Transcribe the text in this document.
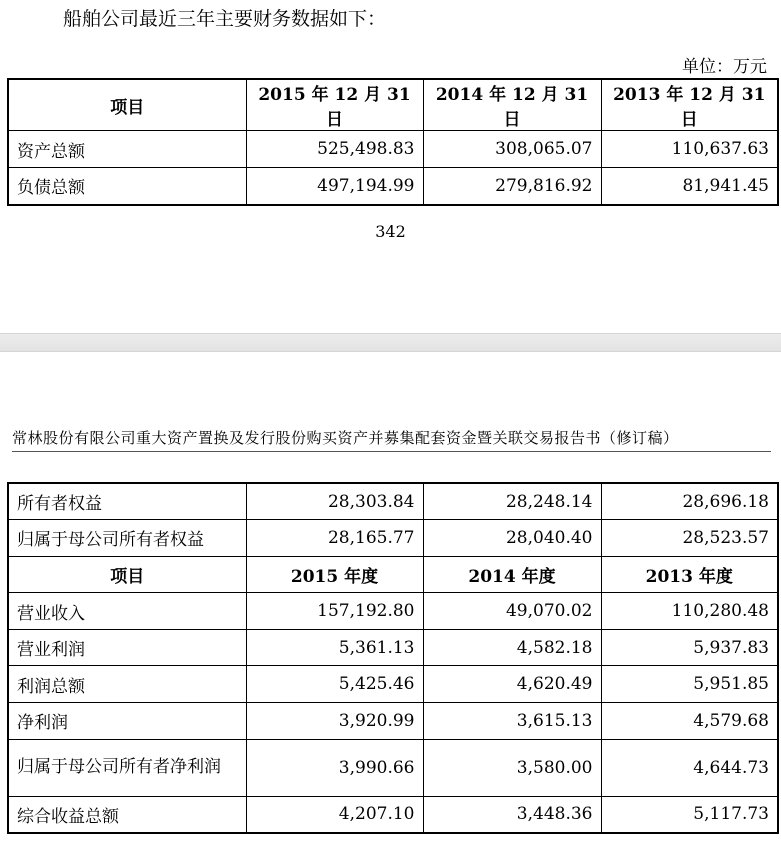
船舶公司最近三年主要财务数据如下：
单位：万元
项目	2015 年 12 月 31 日	2014 年 12 月 31 日	2013 年 12 月 31 日
资产总额	525,498.83	308,065.07	110,637.63
负债总额	497,194.99	279,816.92	81,941.45
342
常林股份有限公司重大资产置换及发行股份购买资产并募集配套资金暨关联交易报告书（修订稿）
所有者权益	28,303.84	28,248.14	28,696.18
归属于母公司所有者权益	28,165.77	28,040.40	28,523.57
项目	2015 年度	2014 年度	2013 年度
营业收入	157,192.80	49,070.02	110,280.48
营业利润	5,361.13	4,582.18	5,937.83
利润总额	5,425.46	4,620.49	5,951.85
净利润	3,920.99	3,615.13	4,579.68
归属于母公司所有者净利润	3,990.66	3,580.00	4,644.73
综合收益总额	4,207.10	3,448.36	5,117.73
